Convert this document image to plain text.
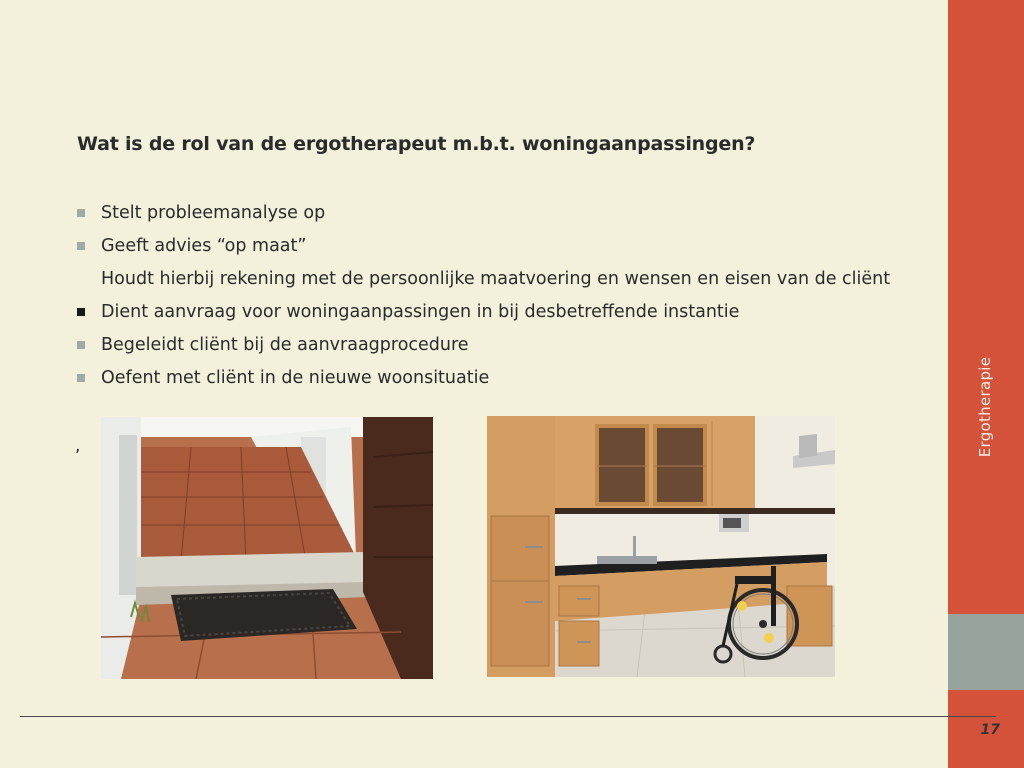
Ergotherapie
Wat is de rol van de ergotherapeut m.b.t. woningaanpassingen?
Stelt probleemanalyse op
Geeft advies “op maat”
Houdt hierbij rekening met de persoonlijke maatvoering en wensen en eisen van de cliënt
Dient aanvraag voor woningaanpassingen in bij desbetreffende instantie
Begeleidt cliënt bij de aanvraagprocedure
Oefent met cliënt in de nieuwe woonsituatie
,
17
